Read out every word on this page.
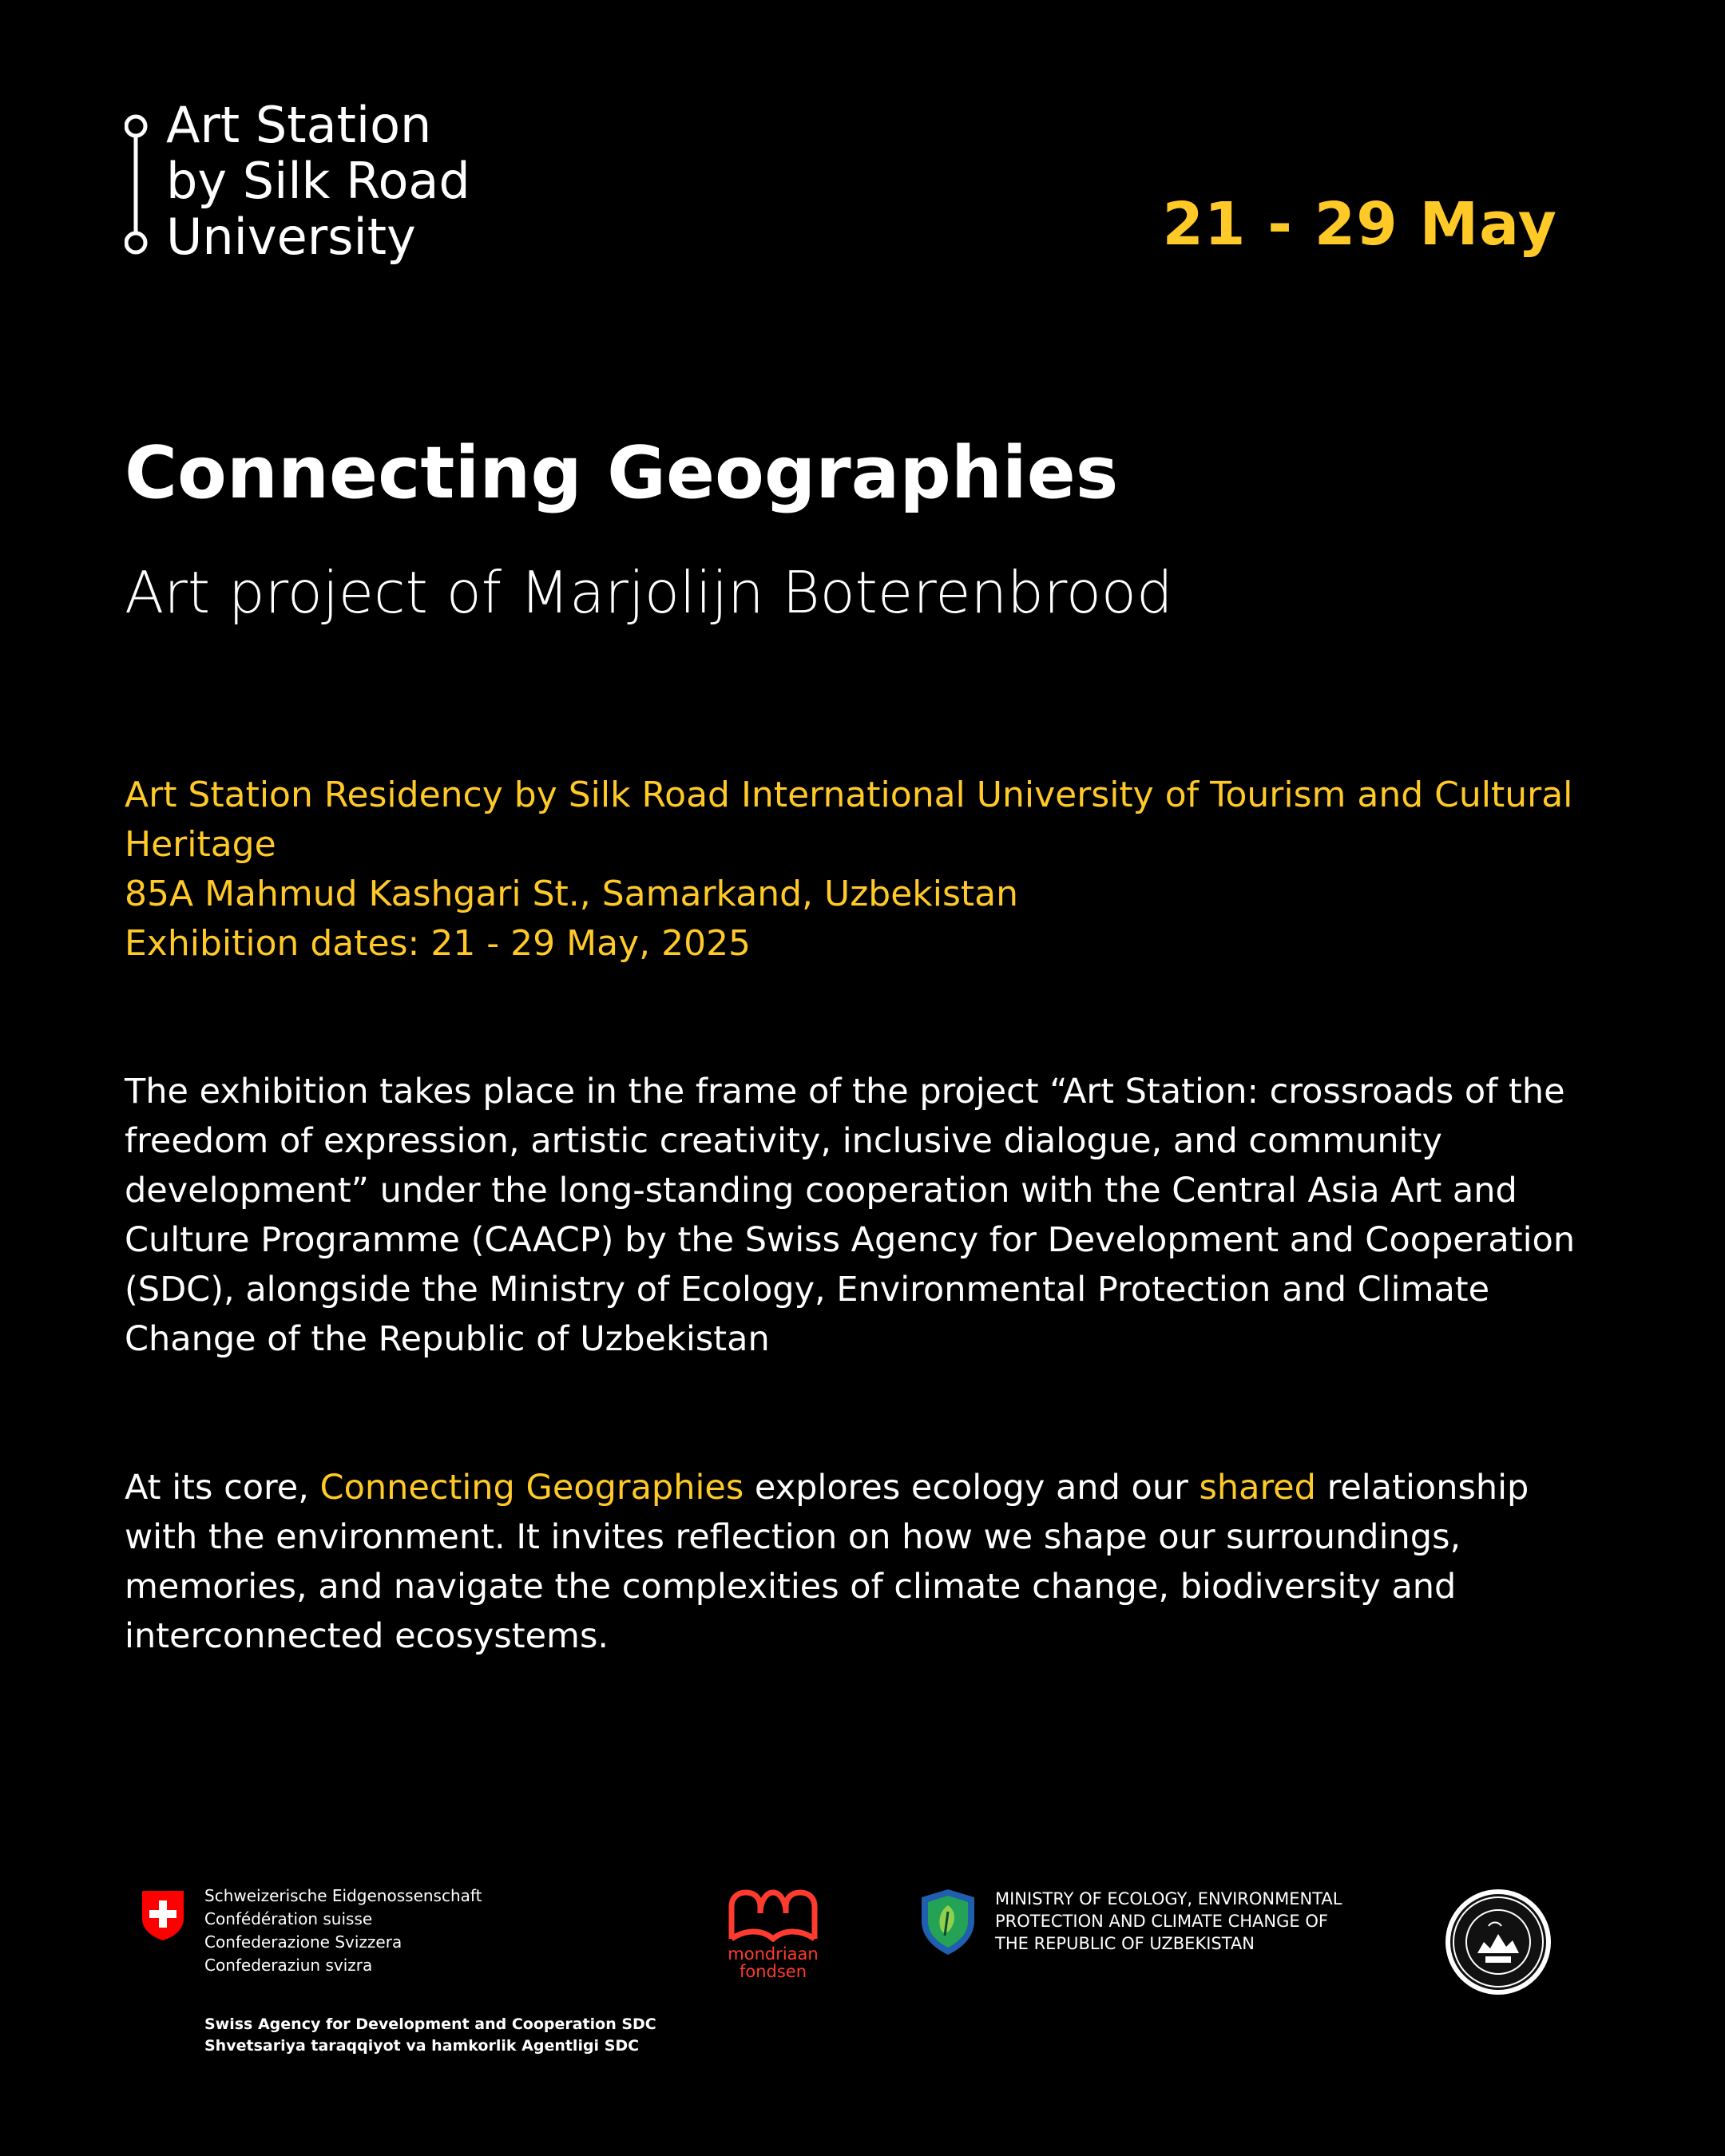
Art Station
by Silk Road
University	21 - 29 May
Connecting Geographies
Art project of Marjolijn Boterenbrood
Art Station Residency by Silk Road International University of Tourism and Cultural Heritage
85A Mahmud Kashgari St., Samarkand, Uzbekistan
Exhibition dates: 21 - 29 May, 2025
The exhibition takes place in the frame of the project “Art Station: crossroads of the freedom of expression, artistic creativity, inclusive dialogue, and community development” under the long-standing cooperation with the Central Asia Art and Culture Programme (CAACP) by the Swiss Agency for Development and Cooperation (SDC), alongside the Ministry of Ecology, Environmental Protection and Climate Change of the Republic of Uzbekistan
At its core, Connecting Geographies explores ecology and our shared relationship with the environment. It invites reflection on how we shape our surroundings, memories, and navigate the complexities of climate change, biodiversity and interconnected ecosystems.
Schweizerische Eidgenossenschaft
Confédération suisse
Confederazione Svizzera
Confederaziun svizra
Swiss Agency for Development and Cooperation SDC
Shvetsariya taraqqiyot va hamkorlik Agentligi SDC
mondriaan
fondsen
MINISTRY OF ECOLOGY, ENVIRONMENTAL
PROTECTION AND CLIMATE CHANGE OF
THE REPUBLIC OF UZBEKISTAN
